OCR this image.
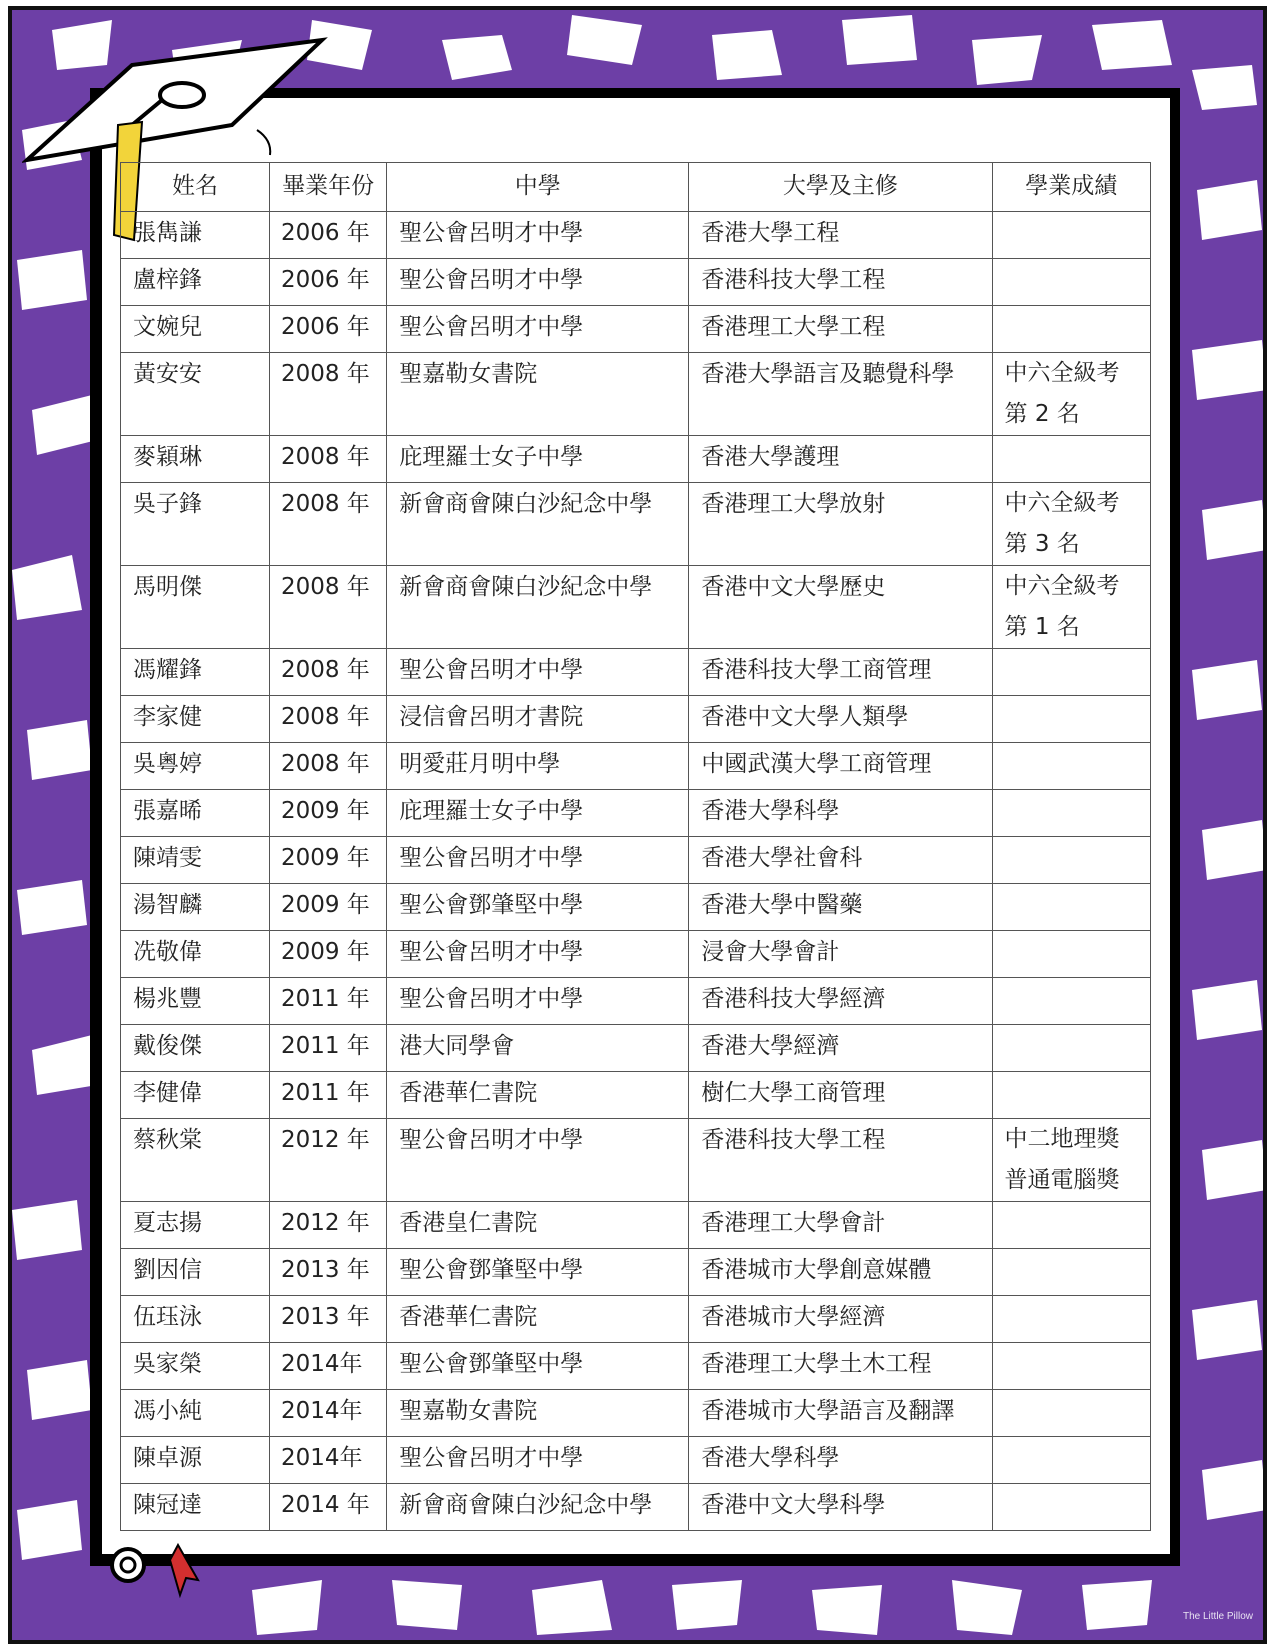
姓名	畢業年份	中學	大學及主修	學業成績
張雋謙	2006 年	聖公會呂明才中學	香港大學工程	
盧梓鋒	2006 年	聖公會呂明才中學	香港科技大學工程	
文婉兒	2006 年	聖公會呂明才中學	香港理工大學工程	
黃安安	2008 年	聖嘉勒女書院	香港大學語言及聽覺科學	中六全級考
第 2 名

麥穎琳	2008 年	庇理羅士女子中學	香港大學護理	
吳子鋒	2008 年	新會商會陳白沙紀念中學	香港理工大學放射	中六全級考
第 3 名

馬明傑	2008 年	新會商會陳白沙紀念中學	香港中文大學歷史	中六全級考
第 1 名

馮耀鋒	2008 年	聖公會呂明才中學	香港科技大學工商管理	
李家健	2008 年	浸信會呂明才書院	香港中文大學人類學	
吳粵婷	2008 年	明愛莊月明中學	中國武漢大學工商管理	
張嘉晞	2009 年	庇理羅士女子中學	香港大學科學	
陳靖雯	2009 年	聖公會呂明才中學	香港大學社會科	
湯智麟	2009 年	聖公會鄧肇堅中學	香港大學中醫藥	
冼敬偉	2009 年	聖公會呂明才中學	浸會大學會計	
楊兆豐	2011 年	聖公會呂明才中學	香港科技大學經濟	
戴俊傑	2011 年	港大同學會	香港大學經濟	
李健偉	2011 年	香港華仁書院	樹仁大學工商管理	
蔡秋棠	2012 年	聖公會呂明才中學	香港科技大學工程	中二地理獎
普通電腦獎

夏志揚	2012 年	香港皇仁書院	香港理工大學會計	
劉因信	2013 年	聖公會鄧肇堅中學	香港城市大學創意媒體	
伍珏泳	2013 年	香港華仁書院	香港城市大學經濟	
吳家榮	2014年	聖公會鄧肇堅中學	香港理工大學土木工程	
馮小純	2014年	聖嘉勒女書院	香港城市大學語言及翻譯	
陳卓源	2014年	聖公會呂明才中學	香港大學科學	
陳冠達	2014 年	新會商會陳白沙紀念中學	香港中文大學科學	
The Little Pillow
